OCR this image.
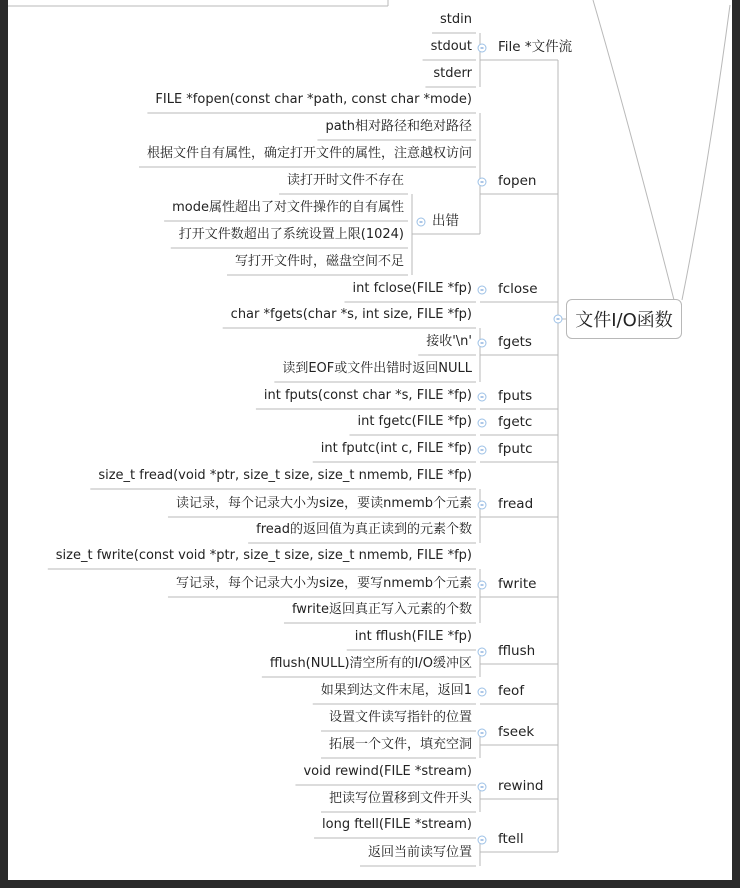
文件I/O函数
File *文件流
stdin
stdout
stderr
fopen
FILE *fopen(const char *path, const char *mode)
path相对路径和绝对路径
根据文件自有属性，确定打开文件的属性，注意越权访问
出错
读打开时文件不存在
mode属性超出了对文件操作的自有属性
打开文件数超出了系统设置上限(1024)
写打开文件时，磁盘空间不足
fclose
int fclose(FILE *fp)
fgets
char *fgets(char *s, int size, FILE *fp)
接收'\n'
读到EOF或文件出错时返回NULL
fputs
int fputs(const char *s, FILE *fp)
fgetc
int fgetc(FILE *fp)
fputc
int fputc(int c, FILE *fp)
fread
size_t fread(void *ptr, size_t size, size_t nmemb, FILE *fp)
读记录，每个记录大小为size，要读nmemb个元素
fread的返回值为真正读到的元素个数
fwrite
size_t fwrite(const void *ptr, size_t size, size_t nmemb, FILE *fp)
写记录，每个记录大小为size，要写nmemb个元素
fwrite返回真正写入元素的个数
fflush
int fflush(FILE *fp)
fflush(NULL)清空所有的I/O缓冲区
feof
如果到达文件末尾，返回1
fseek
设置文件读写指针的位置
拓展一个文件，填充空洞
rewind
void rewind(FILE *stream)
把读写位置移到文件开头
ftell
long ftell(FILE *stream)
返回当前读写位置
